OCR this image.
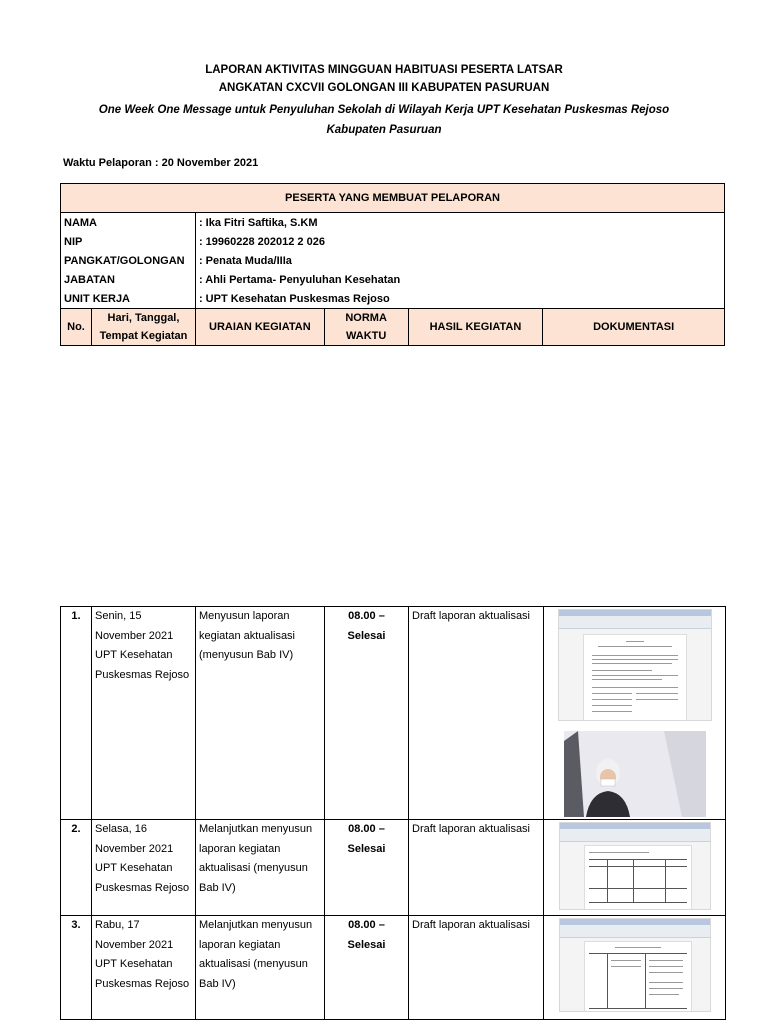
LAPORAN AKTIVITAS MINGGUAN HABITUASI PESERTA LATSAR
ANGKATAN CXCVII GOLONGAN III KABUPATEN PASURUAN
One Week One Message untuk Penyuluhan Sekolah di Wilayah Kerja UPT Kesehatan Puskesmas Rejoso Kabupaten Pasuruan
Waktu Pelaporan : 20 November 2021
PESERTA YANG MEMBUAT PELAPORAN					
NAMA		: Ika Fitri Saftika, S.KM			
NIP		: 19960228 202012 2 026			
PANGKAT/GOLONGAN		: Penata Muda/IIIa			
JABATAN		: Ahli Pertama- Penyuluhan Kesehatan			
UNIT KERJA		: UPT Kesehatan Puskesmas Rejoso			
No.	Hari, Tanggal, Tempat Kegiatan	URAIAN KEGIATAN	NORMA WAKTU	HASIL KEGIATAN	DOKUMENTASI
1.	Senin, 15 November 2021 UPT Kesehatan Puskesmas Rejoso	Menyusun laporan kegiatan aktualisasi (menyusun Bab IV)	08.00 – Selesai	Draft laporan aktualisasi	

2.	Selasa, 16 November 2021 UPT Kesehatan Puskesmas Rejoso	Melanjutkan menyusun laporan kegiatan aktualisasi (menyusun Bab IV)	08.00 – Selesai	Draft laporan aktualisasi	

3.	Rabu, 17 November 2021 UPT Kesehatan Puskesmas Rejoso	Melanjutkan menyusun laporan kegiatan aktualisasi (menyusun Bab IV)	08.00 – Selesai	Draft laporan aktualisasi	
